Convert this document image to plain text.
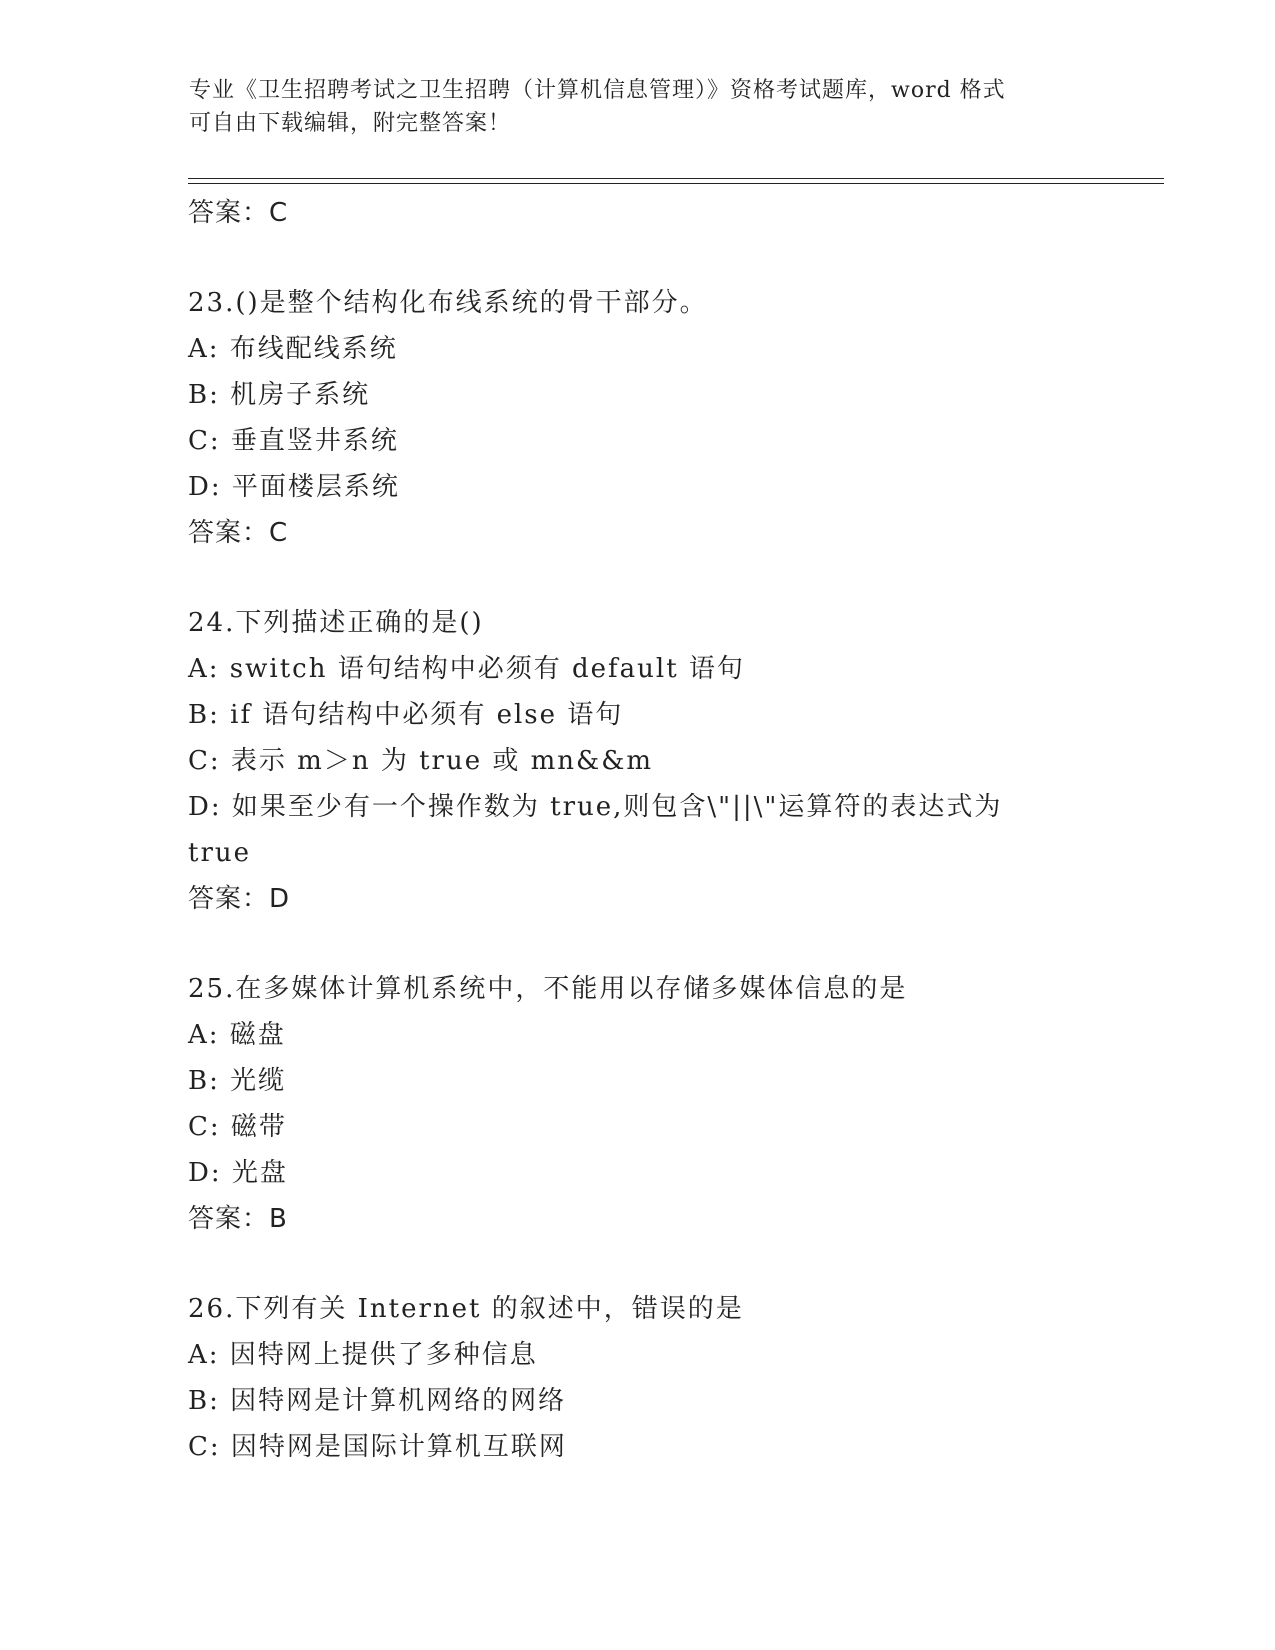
专业《卫生招聘考试之卫生招聘（计算机信息管理）》资格考试题库，word 格式
可自由下载编辑，附完整答案！
答案：C
23.()是整个结构化布线系统的骨干部分。
A: 布线配线系统
B: 机房子系统
C: 垂直竖井系统
D: 平面楼层系统
答案：C
24.下列描述正确的是()
A: switch 语句结构中必须有 default 语句
B: if 语句结构中必须有 else 语句
C: 表示 m＞n 为 true 或 mn&&m
D: 如果至少有一个操作数为 true,则包含\"||\"运算符的表达式为
true
答案：D
25.在多媒体计算机系统中，不能用以存储多媒体信息的是
A: 磁盘
B: 光缆
C: 磁带
D: 光盘
答案：B
26.下列有关 Internet 的叙述中，错误的是
A: 因特网上提供了多种信息
B: 因特网是计算机网络的网络
C: 因特网是国际计算机互联网
